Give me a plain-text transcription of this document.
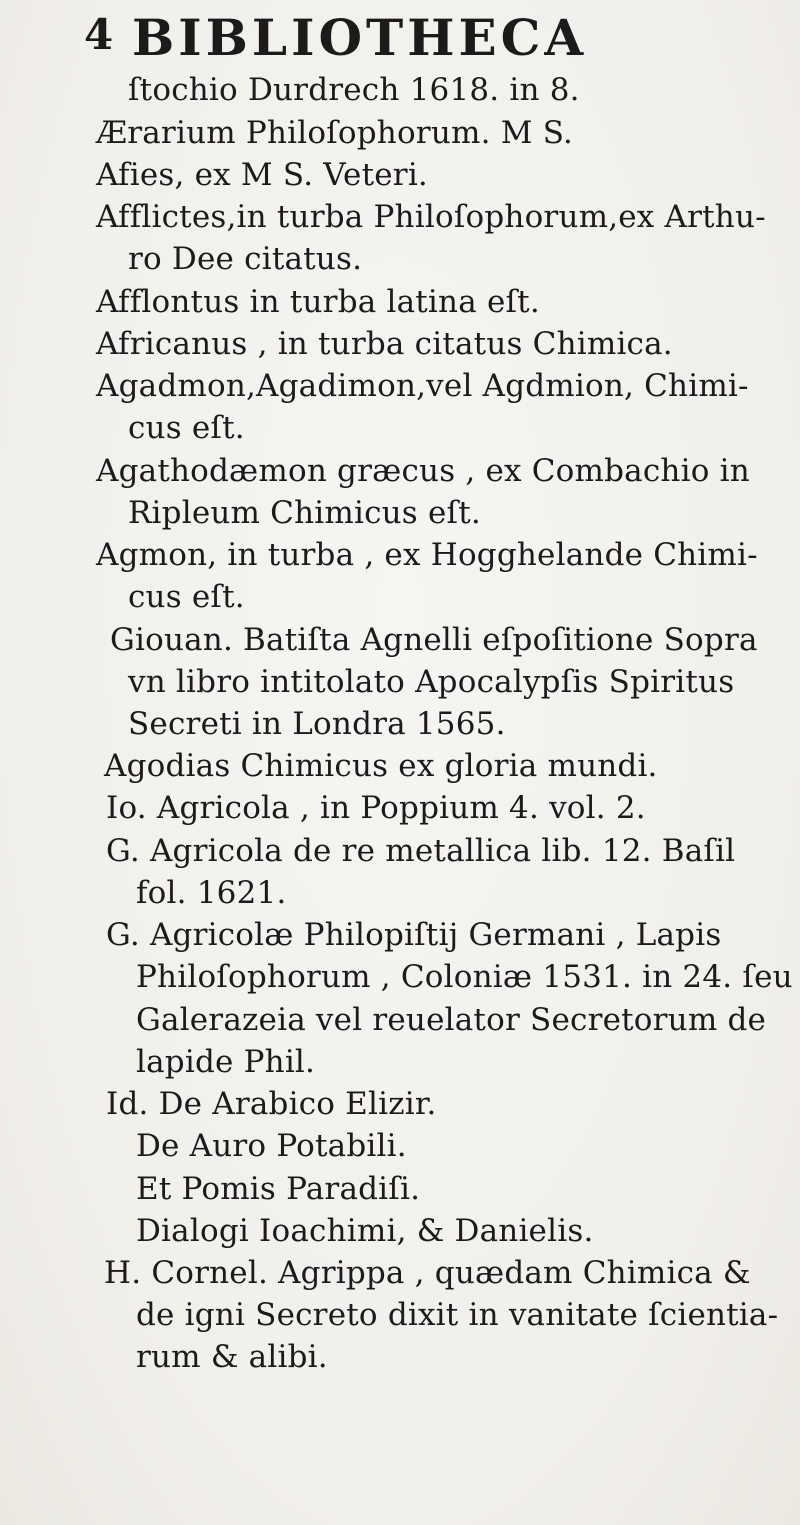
4 BIBLIOTHECA
ſtochio Durdrech 1618. in 8.
Ærarium Philoſophorum. M S.
Afies, ex M S. Veteri.
Afflictes,in turba Philoſophorum,ex Arthu-
ro Dee citatus.
Afflontus in turba latina eſt.
Africanus , in turba citatus Chimica.
Agadmon,Agadimon,vel Agdmion, Chimi-
cus eſt.
Agathodæmon græcus , ex Combachio in
Ripleum Chimicus eſt.
Agmon, in turba , ex Hogghelande Chimi-
cus eſt.
Giouan. Batiſta Agnelli eſpoſitione Sopra
vn libro intitolato Apocalypſis Spiritus
Secreti in Londra 1565.
Agodias Chimicus ex gloria mundi.
Io. Agricola , in Poppium 4. vol. 2.
G. Agricola de re metallica lib. 12. Baſil
fol. 1621.
G. Agricolæ Philopiſtij Germani , Lapis
Philoſophorum , Coloniæ 1531. in 24. ſeu
Galerazeia vel reuelator Secretorum de
lapide Phil.
Id. De Arabico Elizir.
De Auro Potabili.
Et Pomis Paradiſi.
Dialogi Ioachimi, & Danielis.
H. Cornel. Agrippa , quædam Chimica &
de igni Secreto dixit in vanitate ſcientia-
rum & alibi.
